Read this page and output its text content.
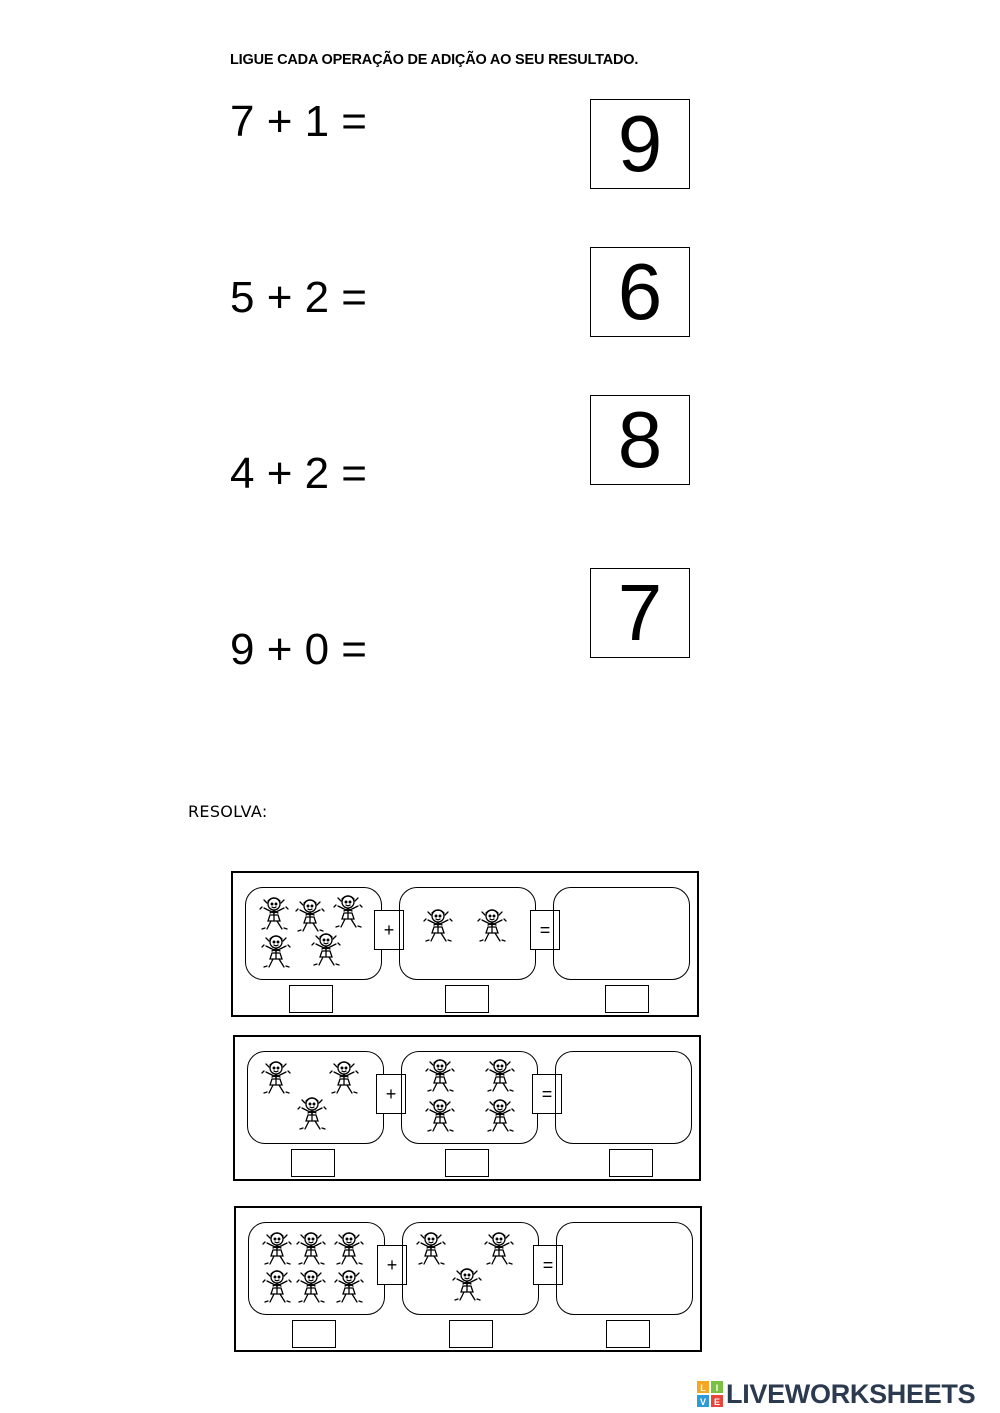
LIGUE CADA OPERAÇÃO DE ADIÇÃO AO SEU RESULTADO.
7 + 1 =
5 + 2 =
4 + 2 =
9 + 0 =
9
6
8
7
RESOLVA:
+	=
+	=
+	=
L I
V E LIVEWORKSHEETS
